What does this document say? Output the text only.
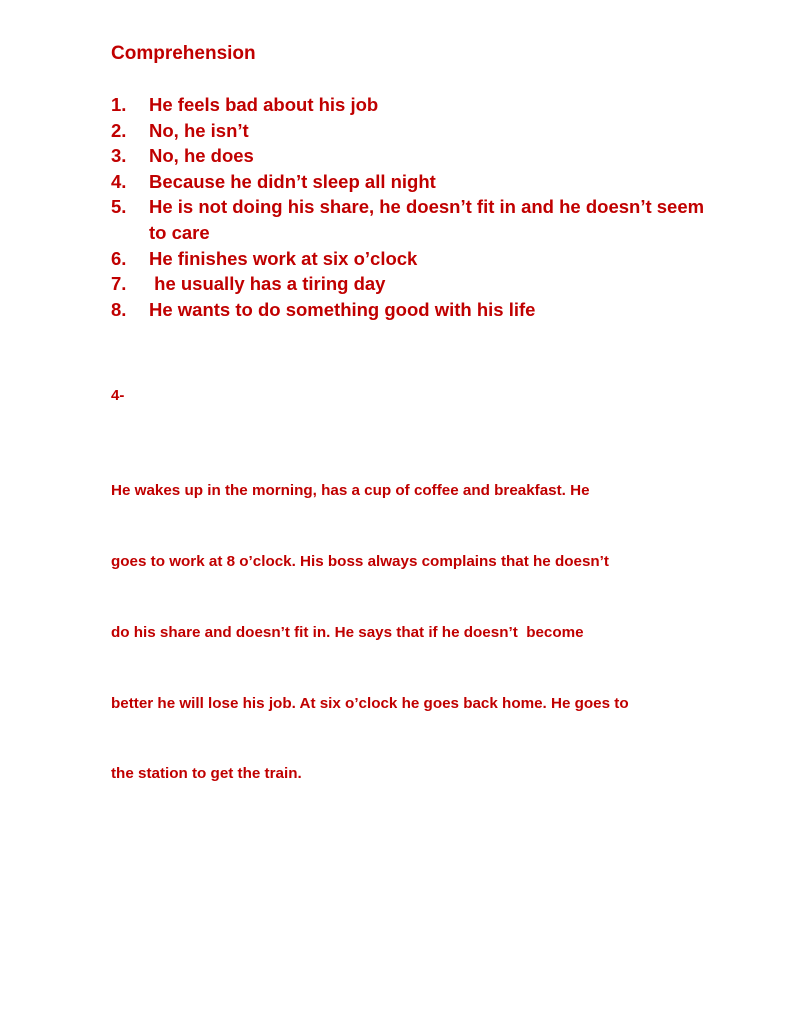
Comprehension
1.	He feels bad about his job
2.	No, he isn’t
3.	No, he does
4.	Because he didn’t sleep all night
5.	He is not doing his share, he doesn’t fit in and he doesn’t seem to care
6.	He finishes work at six o’clock
7.	he usually has a tiring day
8.	He wants to do something good with his life

4-

He wakes up in the morning, has a cup of coffee and breakfast. He

goes to work at 8 o’clock. His boss always complains that he doesn’t

do his share and doesn’t fit in. He says that if he doesn’t  become

better he will lose his job. At six o’clock he goes back home. He goes to

the station to get the train.
